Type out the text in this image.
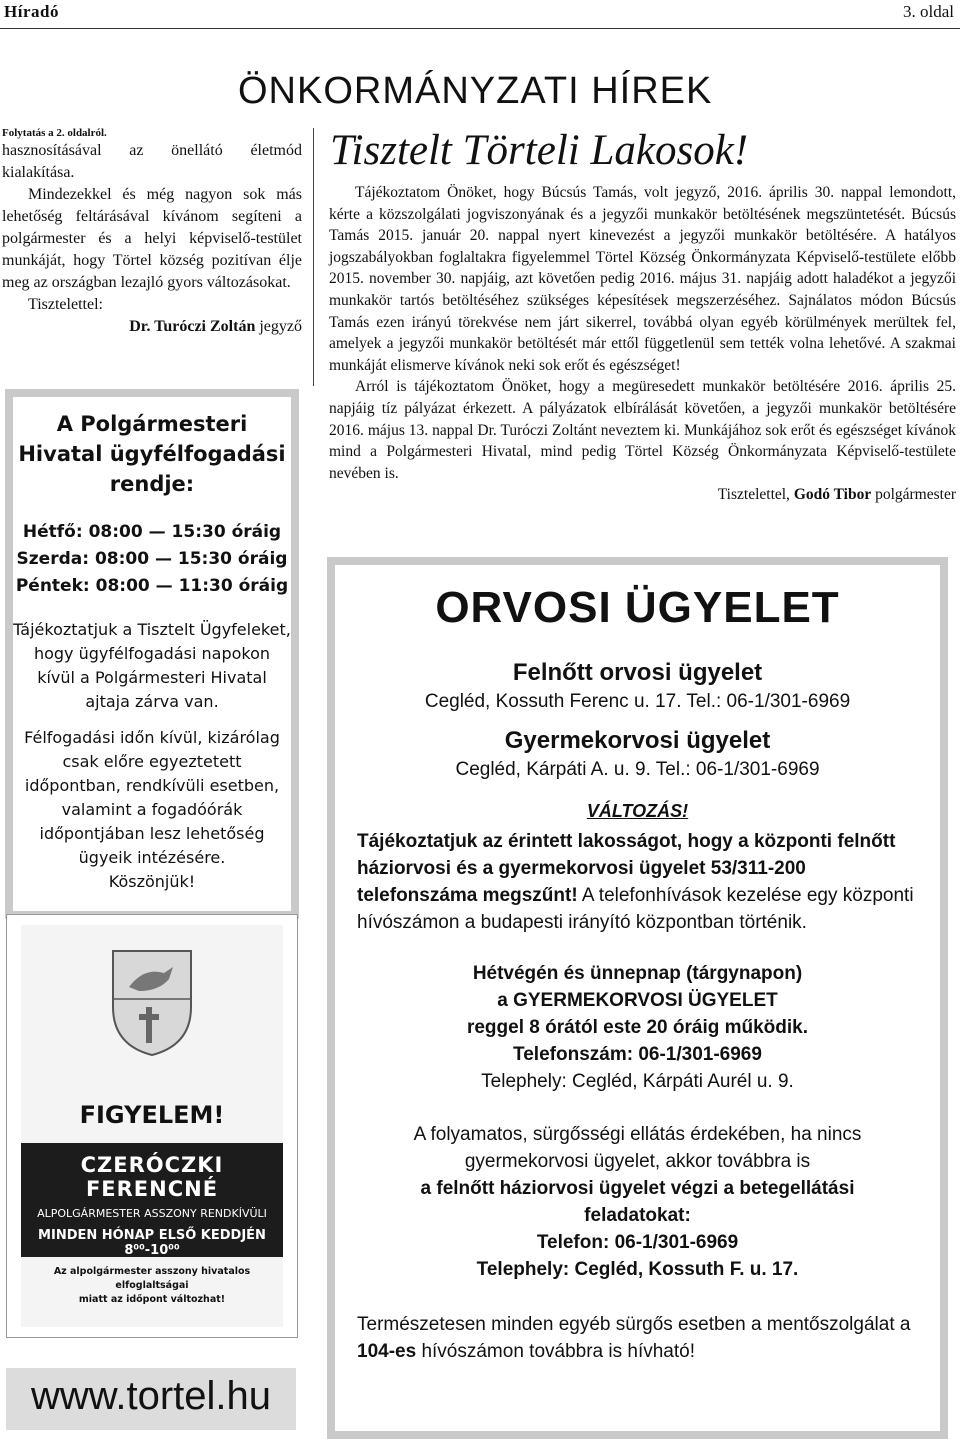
Híradó	3. oldal
ÖNKORMÁNYZATI HÍREK

Folytatás a 2. oldalról.

hasznosításával az önellátó életmód kialakítása.

Mindezekkel és még nagyon sok más lehetőség feltárásával kívánom segíteni a polgármester és a helyi képviselő-testület munkáját, hogy Törtel község pozitívan élje meg az országban lezajló gyors változásokat.

Tisztelettel:

Dr. Turóczi Zoltán jegyző

A Polgármesteri Hivatal ügyfélfogadási rendje:
Hétfő: 08:00 — 15:30 óráig
Szerda: 08:00 — 15:30 óráig
Péntek: 08:00 — 11:30 óráig
Tájékoztatjuk a Tisztelt Ügyfeleket, hogy ügyfélfogadási napokon kívül a Polgármesteri Hivatal ajtaja zárva van.
Félfogadási időn kívül, kizárólag csak előre egyeztetett időpontban, rendkívüli esetben, valamint a fogadóórák időpontjában lesz lehetőség ügyeik intézésére.
Köszönjük!
FIGYELEM!
CZERÓCZKI FERENCNÉ
ALPOLGÁRMESTER ASSZONY RENDKÍVÜLI
MINDEN HÓNAP ELSŐ KEDDJÉN 8⁰⁰-10⁰⁰
Az alpolgármester asszony hivatalos elfoglaltságai
miatt az időpont változhat!
www.tortel.hu
Tisztelt Törteli Lakosok!

Tájékoztatom Önöket, hogy Búcsús Tamás, volt jegyző, 2016. április 30. nappal lemondott, kérte a közszolgálati jogviszonyának és a jegyzői munkakör betöltésének megszüntetését. Búcsús Tamás 2015. január 20. nappal nyert kinevezést a jegyzői munkakör betöltésére. A hatályos jogszabályokban foglaltakra figyelemmel Törtel Község Önkormányzata Képviselő-testülete előbb 2015. november 30. napjáig, azt követően pedig 2016. május 31. napjáig adott haladékot a jegyzői munkakör tartós betöltéséhez szükséges képesítések megszerzéséhez. Sajnálatos módon Búcsús Tamás ezen irányú törekvése nem járt sikerrel, továbbá olyan egyéb körülmények merültek fel, amelyek a jegyzői munkakör betöltését már ettől függetlenül sem tették volna lehetővé. A szakmai munkáját elismerve kívánok neki sok erőt és egészséget!

Arról is tájékoztatom Önöket, hogy a megüresedett munkakör betöltésére 2016. április 25. napjáig tíz pályázat érkezett. A pályázatok elbírálását követően, a jegyzői munkakör betöltésére 2016. május 13. nappal Dr. Turóczi Zoltánt neveztem ki. Munkájához sok erőt és egészséget kívánok mind a Polgármesteri Hivatal, mind pedig Törtel Község Önkormányzata Képviselő-testülete nevében is.

Tisztelettel, Godó Tibor polgármester
ORVOSI ÜGYELET
Felnőtt orvosi ügyelet
Cegléd, Kossuth Ferenc u. 17. Tel.: 06-1/301-6969
Gyermekorvosi ügyelet
Cegléd, Kárpáti A. u. 9. Tel.: 06-1/301-6969
VÁLTOZÁS!
Tájékoztatjuk az érintett lakosságot, hogy a központi felnőtt háziorvosi és a gyermekorvosi ügyelet 53/311-200 telefonszáma megszűnt! A telefonhívások kezelése egy központi hívószámon a budapesti irányító központban történik.
Hétvégén és ünnepnap (tárgynapon)
a GYERMEKORVOSI ÜGYELET
reggel 8 órától este 20 óráig működik.
Telefonszám: 06-1/301-6969
Telephely: Cegléd, Kárpáti Aurél u. 9.
A folyamatos, sürgősségi ellátás érdekében, ha nincs gyermekorvosi ügyelet, akkor továbbra is
a felnőtt háziorvosi ügyelet végzi a betegellátási feladatokat:
Telefon: 06-1/301-6969
Telephely: Cegléd, Kossuth F. u. 17.
Természetesen minden egyéb sürgős esetben a mentőszolgálat a 104-es hívószámon továbbra is hívható!
